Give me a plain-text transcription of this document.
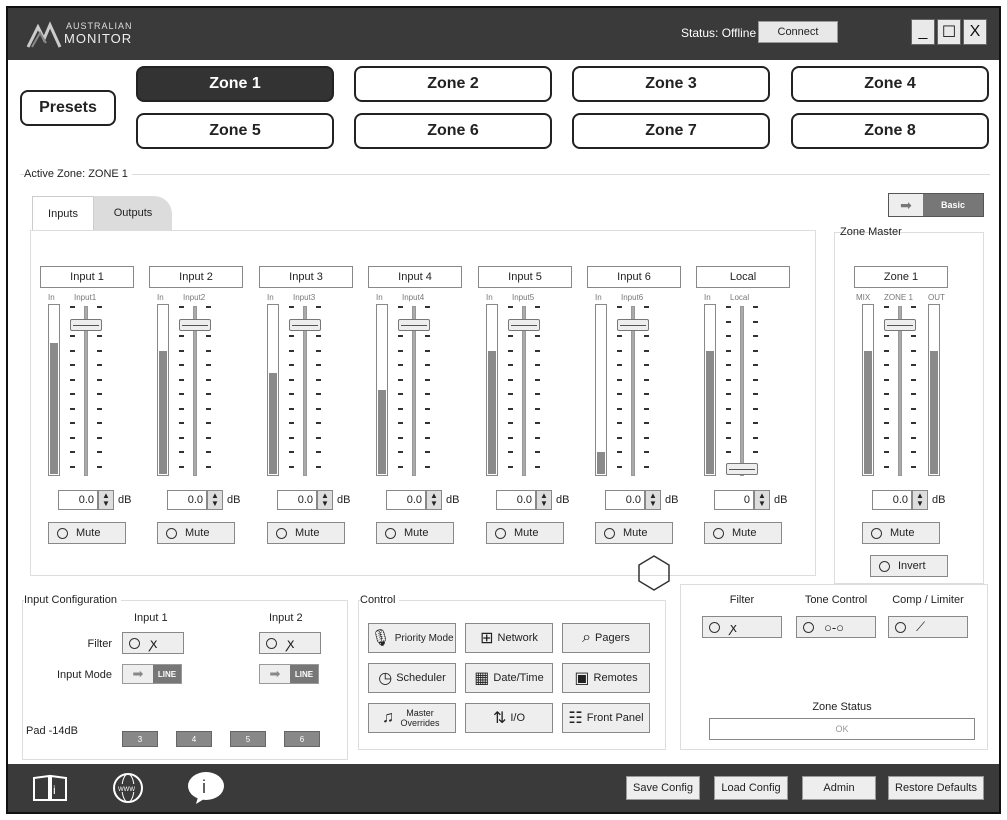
AUSTRALIAN
MONITOR	Status: Offline	Connect	_ ☐ X
Presets
Zone 1	Zone 2	Zone 3	Zone 4
Zone 5	Zone 6	Zone 7	Zone 8
Active Zone: ZONE 1
Outputs
Inputs
Input 1
In Input1
0.0	▲
▼ dB
Mute
Input 2
In Input2
0.0	▲
▼ dB
Mute
Input 3
In Input3
0.0	▲
▼ dB
Mute
Input 4
In Input4
0.0	▲
▼ dB
Mute
Input 5
In Input5
0.0	▲
▼ dB
Mute
Input 6
In Input6
0.0	▲
▼ dB
Mute
Local
In Local
0	▲
▼ dB
Mute
➡	Basic
Zone Master
Zone 1
MIX ZONE 1 OUT
0.0	▲
▼ dB
Mute
Invert
Input Configuration
Input 1	Input 2
Filter	ꭗ	ꭗ
Input Mode	➡	LINE	➡	LINE
Pad -14dB
3	4	5	6
Control
🎙 Priority Mode ⊞ Network	⌕ Pagers
◷ Scheduler ▦ Date/Time ▣ Remotes
♫	Master Overrides	⇅ I/O	☷ Front Panel
Filter	Tone Control	Comp / Limiter
ꭗ	○-○	⟋
Zone Status
OK
i	WWW	i	Save Config	Load Config	Admin	Restore Defaults
